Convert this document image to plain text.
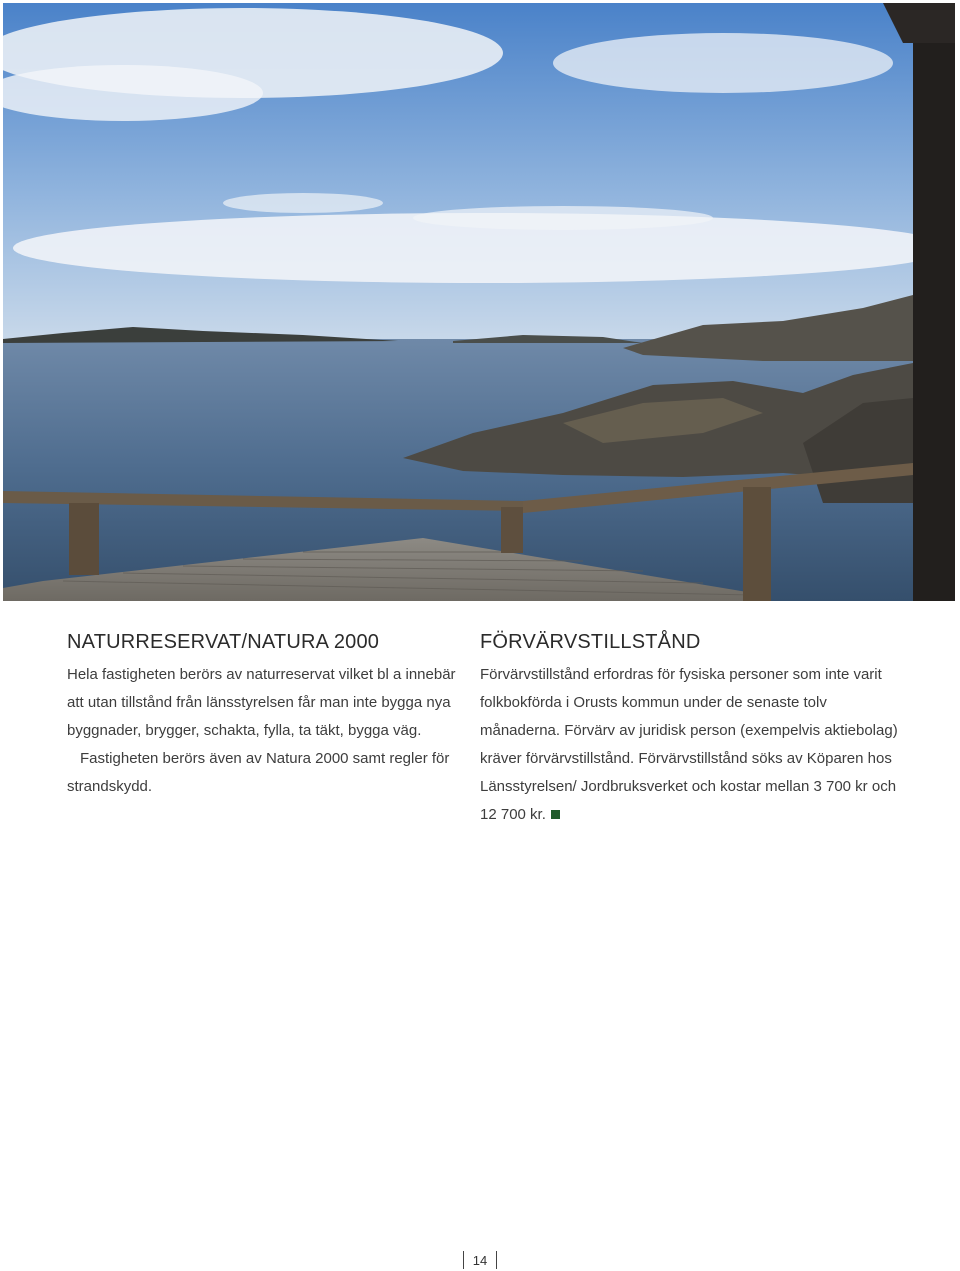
NATURRESERVAT/NATURA 2000

Hela fastigheten berörs av naturreservat vilket bl a innebär att utan tillstånd från länsstyrelsen får man inte bygga nya byggnader, brygger, schakta, fylla, ta täkt, bygga väg.

Fastigheten berörs även av Natura 2000 samt regler för strandskydd.

FÖRVÄRVSTILLSTÅND

Förvärvstillstånd erfordras för fysiska personer som inte varit folkbokförda i Orusts kommun under de senaste tolv månaderna. Förvärv av juridisk person (exempelvis aktiebolag) kräver förvärvstillstånd. Förvärvstillstånd söks av Köparen hos Länsstyrelsen/ Jordbruksverket och kostar mellan 3 700 kr och 12 700 kr.

14
